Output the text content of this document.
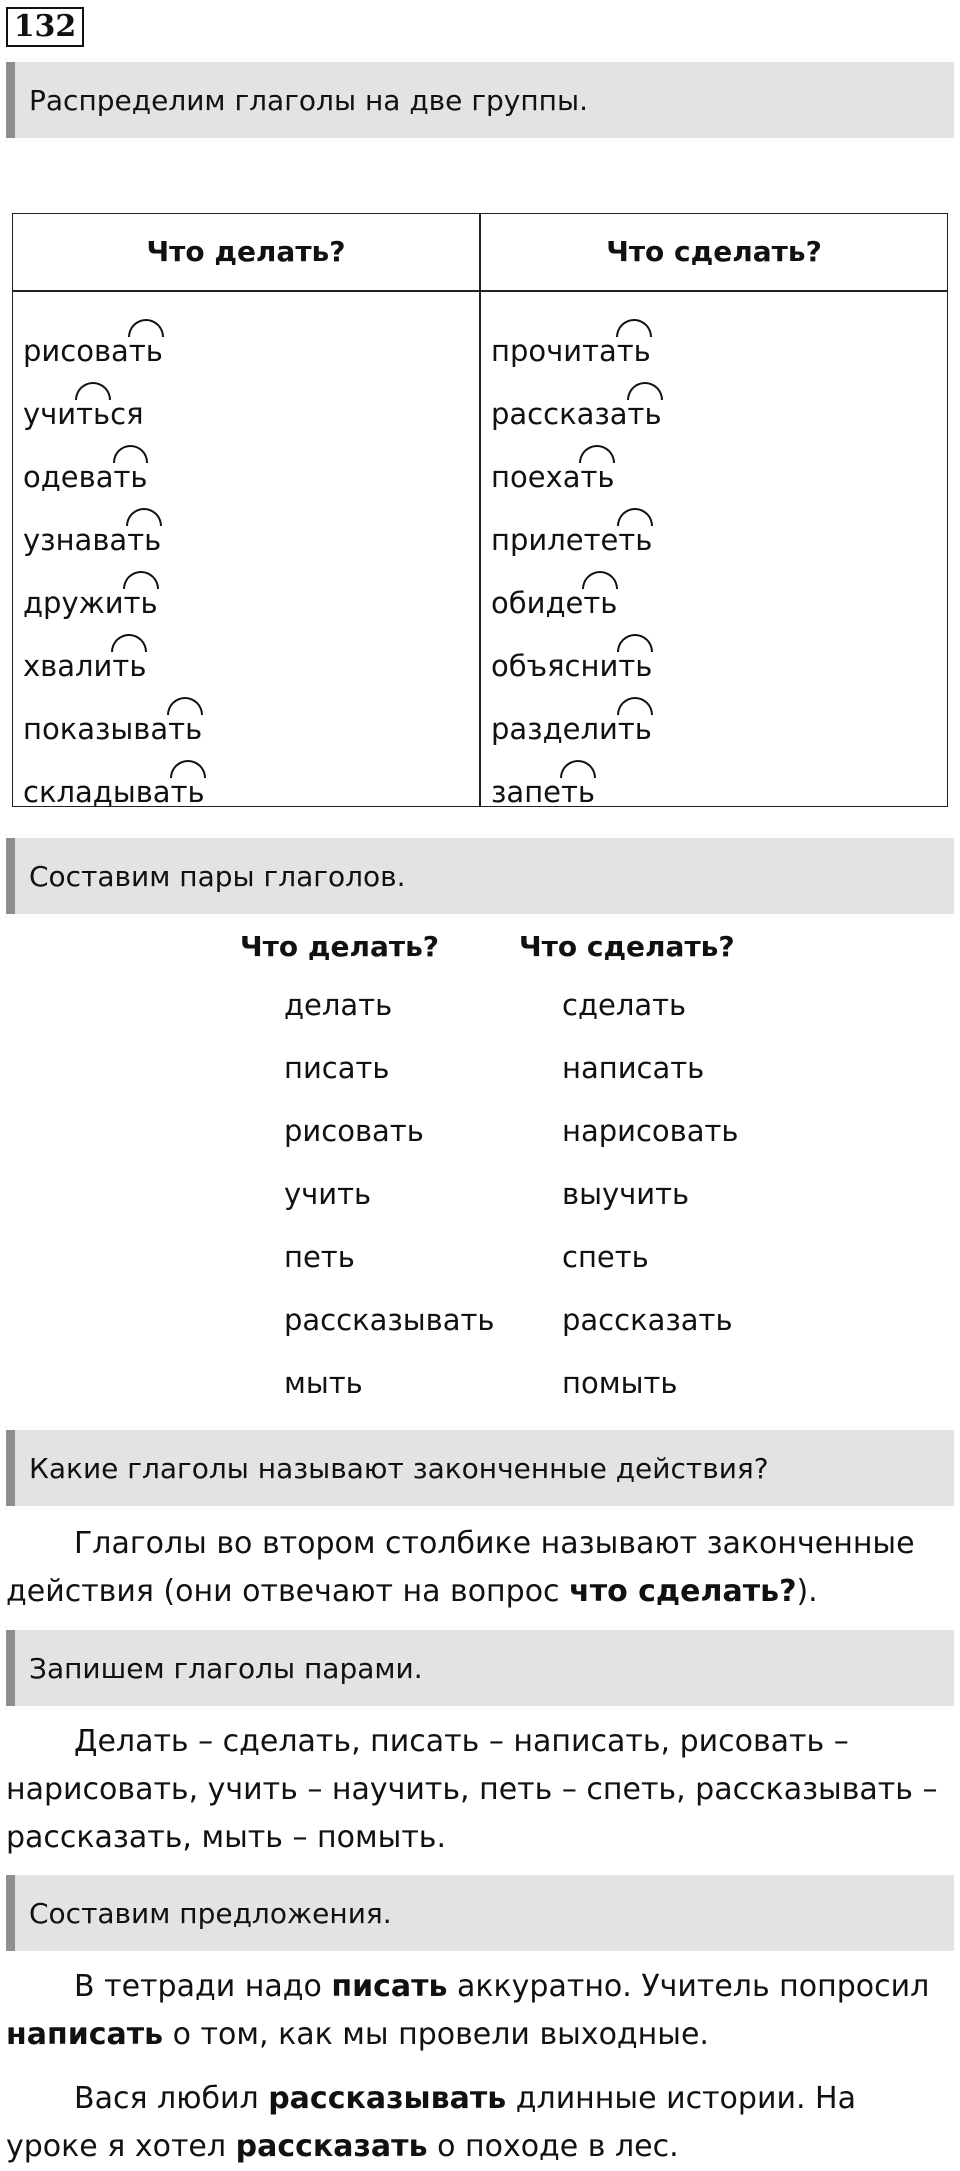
132
Распределим глаголы на две группы.
Что делать?	Что сделать?
рисова ть
учи ть ся
одева ть
узнава ть
дружи ть
хвали ть
показыва ть
складыва ть
прочита ть
рассказа ть
поеха ть
прилете ть
обиде ть
объясни ть
раздели ть
запе ть
Составим пары глаголов.
Что делать?	Что сделать?
делать
писать
рисовать
учить
петь
рассказывать
мыть
сделать
написать
нарисовать
выучить
спеть
рассказать
помыть
Какие глаголы называют законченные действия?
Глаголы во втором столбике называют законченные действия (они отвечают на вопрос что сделать?).
Запишем глаголы парами.
Делать – сделать, писать – написать, рисовать – нарисовать, учить – научить, петь – спеть, рассказывать – рассказать, мыть – помыть.
Составим предложения.
В тетради надо писать аккуратно. Учитель попросил написать о том, как мы провели выходные.
Вася любил рассказывать длинные истории. На уроке я хотел рассказать о походе в лес.
